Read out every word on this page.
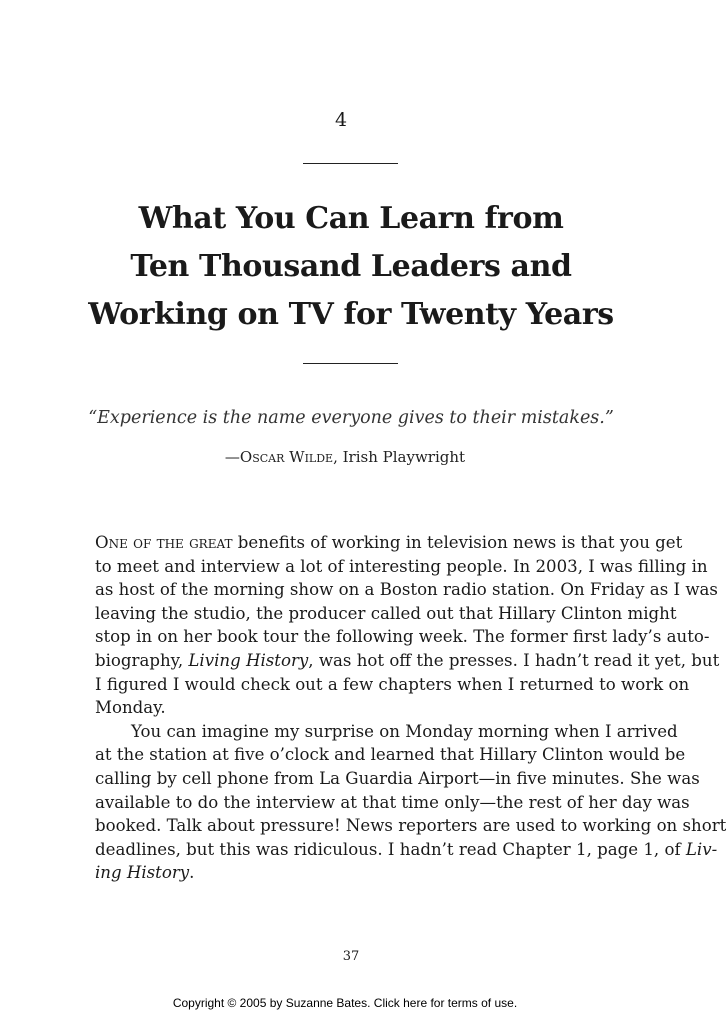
4
What You Can Learn from
Ten Thousand Leaders and
Working on TV for Twenty Years
“Experience is the name everyone gives to their mistakes.”
—Oscar Wilde, Irish Playwright

One of the great benefits of working in television news is that you get
to meet and interview a lot of interesting people. In 2003, I was filling in
as host of the morning show on a Boston radio station. On Friday as I was
leaving the studio, the producer called out that Hillary Clinton might
stop in on her book tour the following week. The former first lady’s auto-
biography, Living History, was hot off the presses. I hadn’t read it yet, but
I figured I would check out a few chapters when I returned to work on
Monday.

You can imagine my surprise on Monday morning when I arrived
at the station at five o’clock and learned that Hillary Clinton would be
calling by cell phone from La Guardia Airport—in five minutes. She was
available to do the interview at that time only—the rest of her day was
booked. Talk about pressure! News reporters are used to working on short
deadlines, but this was ridiculous. I hadn’t read Chapter 1, page 1, of Liv-
ing History.

37
Copyright © 2005 by Suzanne Bates. Click here for terms of use.
